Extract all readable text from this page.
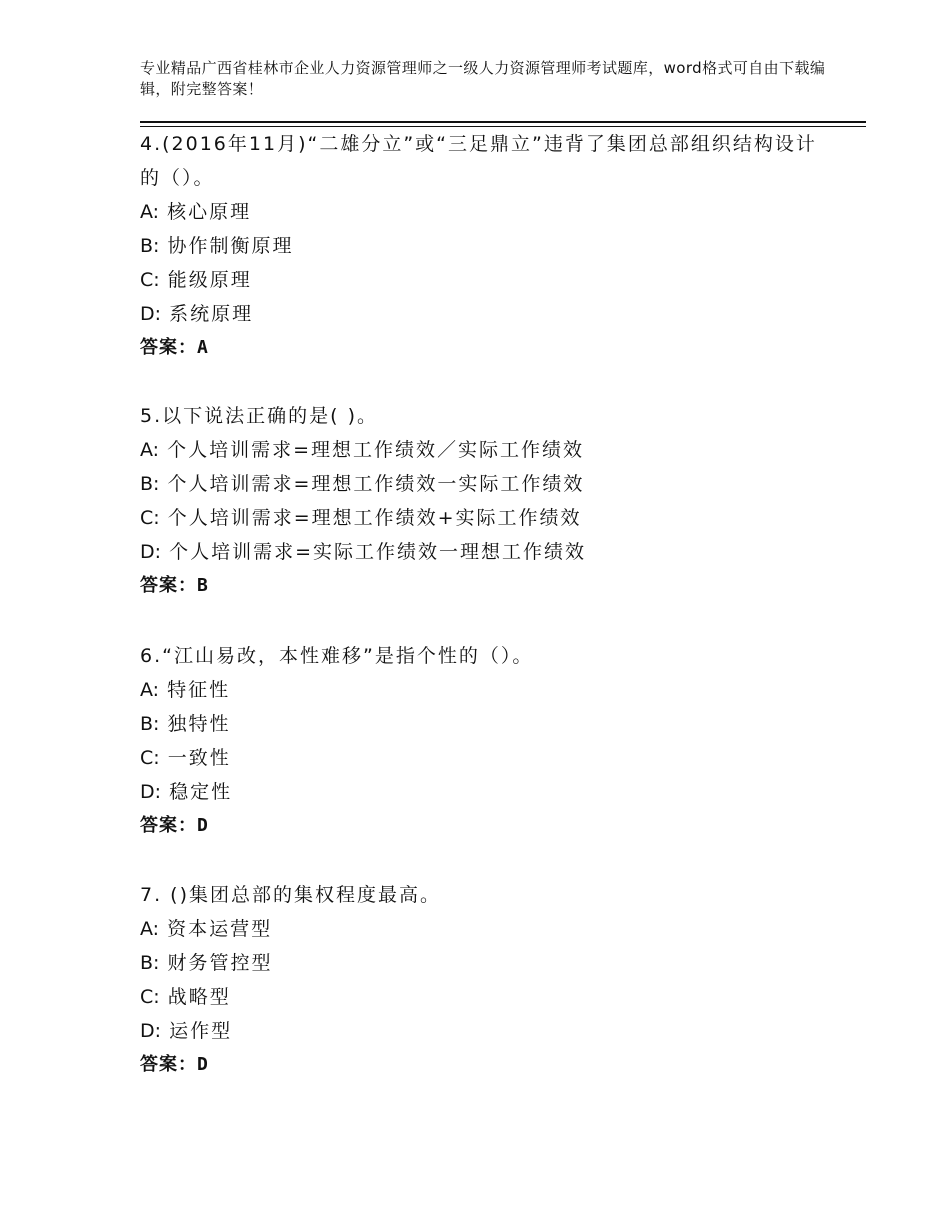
专业精品广西省桂林市企业人力资源管理师之一级人力资源管理师考试题库，word格式可自由下载编辑，附完整答案！

4.(2016年11月)“二雄分立”或“三足鼎立”违背了集团总部组织结构设计的（）。

A: 核心原理
B: 协作制衡原理
C: 能级原理
D: 系统原理
答案：A

5.以下说法正确的是( )。

A: 个人培训需求=理想工作绩效／实际工作绩效
B: 个人培训需求=理想工作绩效一实际工作绩效
C: 个人培训需求=理想工作绩效+实际工作绩效
D: 个人培训需求=实际工作绩效一理想工作绩效
答案：B

6.“江山易改，本性难移”是指个性的（）。

A: 特征性
B: 独特性
C: 一致性
D: 稳定性
答案：D

7. ()集团总部的集权程度最高。

A: 资本运营型
B: 财务管控型
C: 战略型
D: 运作型
答案：D
